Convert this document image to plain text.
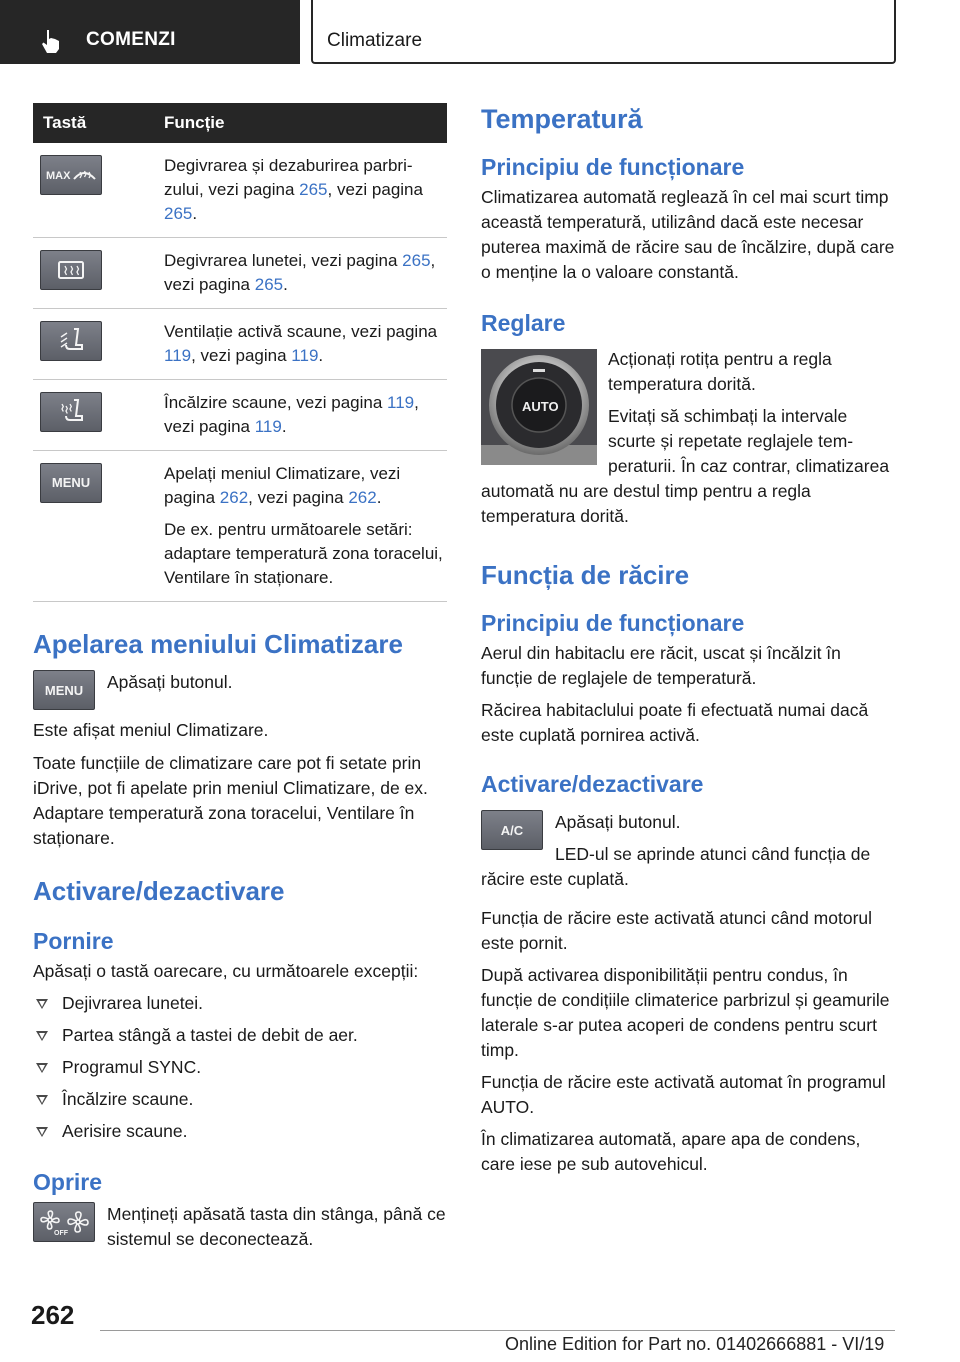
COMENZI	Climatizare
Tastă	Funcție

MAX	Degivrarea și dezaburirea parbrizului, vezi pagina 265, vezi pagina 265.

	Degivrarea lunetei, vezi pagina 265, vezi pagina 265.

	Ventilație activă scaune, vezi pagina 119, vezi pagina 119.

	Încălzire scaune, vezi pagina 119, vezi pagina 119.

MENU	Apelați meniul Climatizare, vezi pagina 262, vezi pagina 262.
De ex. pentru următoarele setări: adaptare temperatură zona toracelui, Ventilare în staționare.
Apelarea meniului Climatizare
MENU Apăsați butonul.

Este afișat meniul Climatizare.

Toate funcțiile de climatizare care pot fi setate prin iDrive, pot fi apelate prin meniul Climatizare, de ex. Adaptare temperatură zona toracelui, Ventilare în staționare.

Activare/dezactivare
Pornire

Apăsați o tastă oarecare, cu următoarele excepții:

Dejivrarea lunetei.
Partea stângă a tastei de debit de aer.
Programul SYNC.
Încălzire scaune.
Aerisire scaune.
Oprire
OFF
Mențineți apăsată tasta din stânga, până ce sistemul se deconectează.
Temperatură
Principiu de funcționare

Climatizarea automată reglează în cel mai scurt timp această temperatură, utilizând dacă este necesar puterea maximă de răcire sau de încălzire, după care o menține la o valoare constantă.

Reglare
AUTO

Acționați rotița pentru a regla temperatura dorită.

Evitați să schimbați la intervale scurte și repetate reglajele temperaturii. În caz contrar, climatizarea automată nu are destul timp pentru a regla temperatura dorită.

Funcția de răcire
Principiu de funcționare

Aerul din habitaclu ere răcit, uscat și încălzit în funcție de reglajele de temperatură.

Răcirea habitaclului poate fi efectuată numai dacă este cuplată pornirea activă.

Activare/dezactivare
A/C	Apăsați butonul.

LED-ul se aprinde atunci când funcția de răcire este cuplată.

Funcția de răcire este activată atunci când motorul este pornit.

După activarea disponibilității pentru condus, în funcție de condițiile climaterice parbrizul și geamurile laterale s-ar putea acoperi de condens pentru scurt timp.

Funcția de răcire este activată automat în programul AUTO.

În climatizarea automată, apare apa de condens, care iese pe sub autovehicul.

262
Online Edition for Part no. 01402666881 - VI/19
